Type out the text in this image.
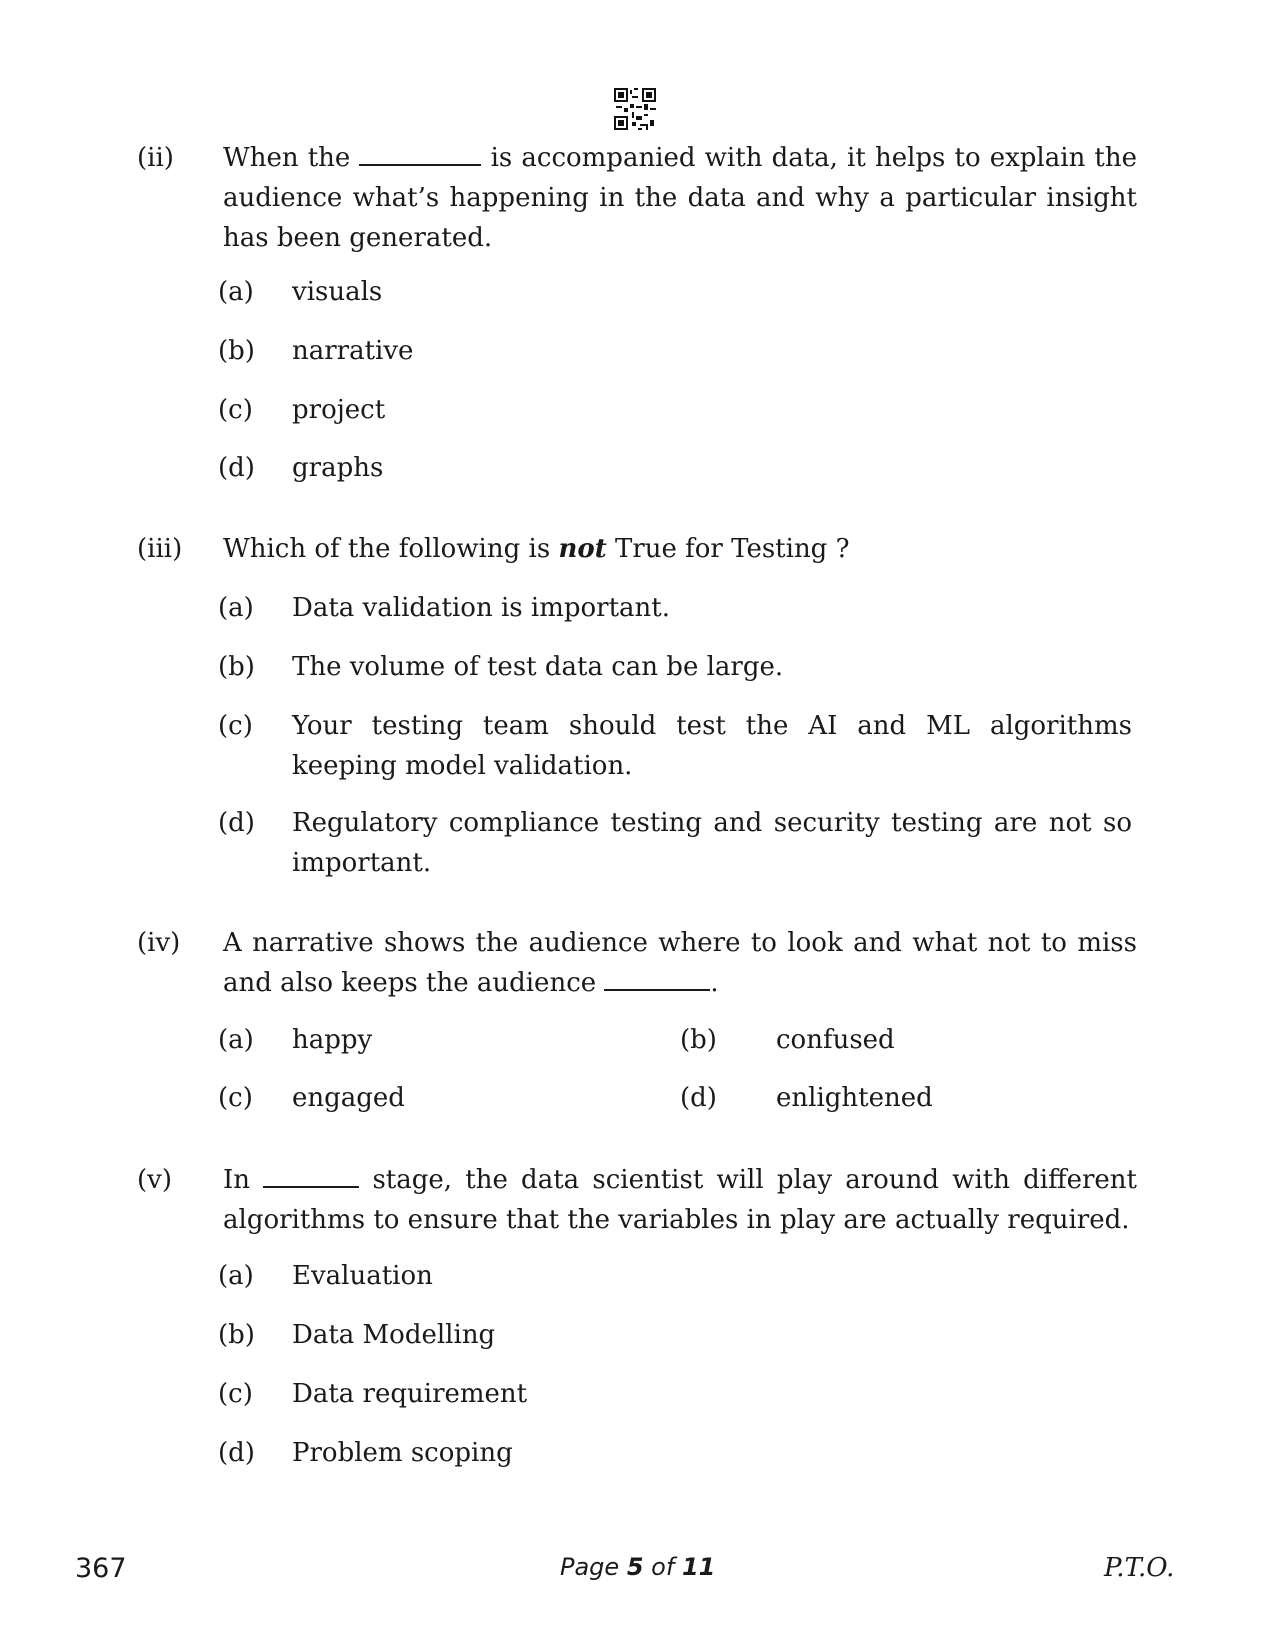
(ii) When the	is accompanied with data, it helps to explain the audience what’s happening in the data and why a particular insight has been generated.
(a) visuals
(b) narrative
(c) project
(d) graphs
(iii) Which of the following is not True for Testing ?
(a) Data validation is important.
(b) The volume of test data can be large.
(c) Your testing team should test the AI and ML algorithms keeping model validation.
(d) Regulatory compliance testing and security testing are not so important.
(iv) A narrative shows the audience where to look and what not to miss and also keeps the audience	.
(a) happy	(b) confused
(c) engaged	(d) enlightened
(v) In	stage, the data scientist will play around with different algorithms to ensure that the variables in play are actually required.
(a) Evaluation
(b) Data Modelling
(c) Data requirement
(d) Problem scoping
367	Page 5 of 11	P.T.O.
